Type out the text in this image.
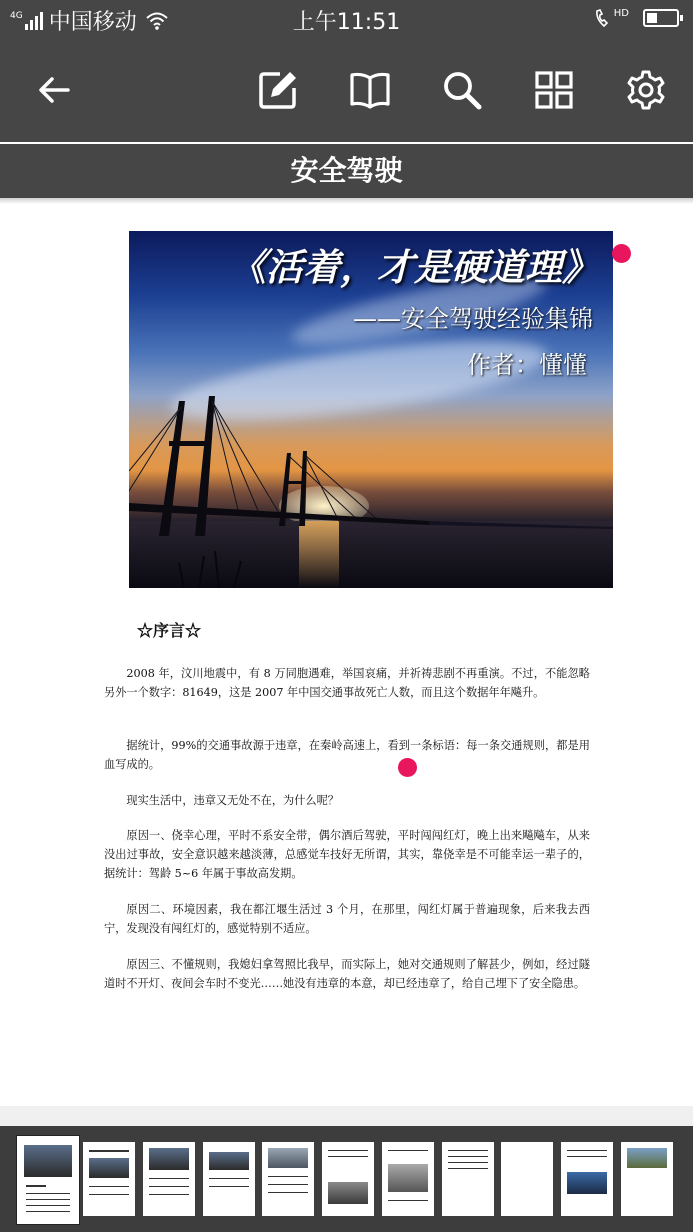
4G 中国移动	上午11:51	HD
安全驾驶
《活着，才是硬道理》
——安全驾驶经验集锦
作者：懂懂
☆序言☆

2008 年，汶川地震中，有 8 万同胞遇难，举国哀痛，并祈祷悲剧不再重演。不过，不能忽略另外一个数字：81649，这是 2007 年中国交通事故死亡人数，而且这个数据年年飚升。

据统计，99%的交通事故源于违章，在秦岭高速上，看到一条标语：每一条交通规则，都是用血写成的。

现实生活中，违章又无处不在，为什么呢？

原因一、侥幸心理，平时不系安全带，偶尔酒后驾驶，平时闯闯红灯，晚上出来飚飚车，从来没出过事故，安全意识越来越淡薄，总感觉车技好无所谓，其实，靠侥幸是不可能幸运一辈子的，据统计：驾龄 5~6 年属于事故高发期。

原因二、环境因素，我在都江堰生活过 3 个月，在那里，闯红灯属于普遍现象，后来我去西宁，发现没有闯红灯的，感觉特别不适应。

原因三、不懂规则，我媳妇拿驾照比我早，而实际上，她对交通规则了解甚少，例如，经过隧道时不开灯、夜间会车时不变光……她没有违章的本意，却已经违章了，给自己埋下了安全隐患。
